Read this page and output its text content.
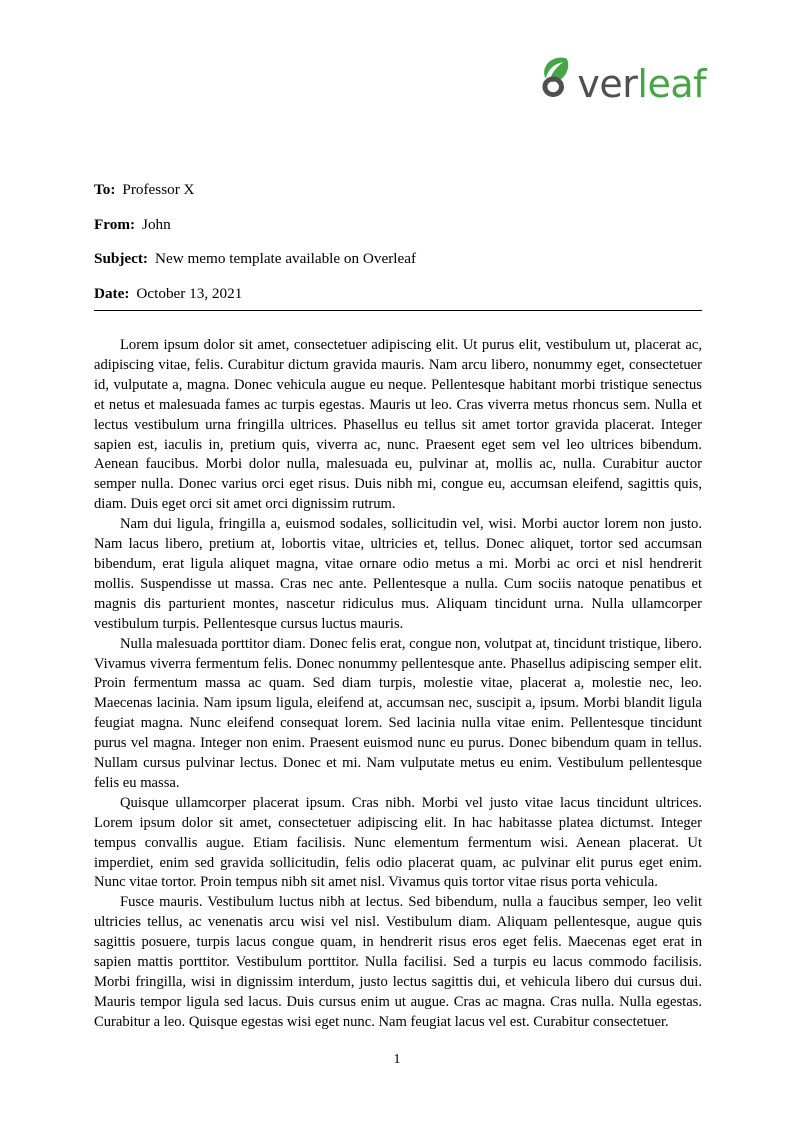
ver leaf
To: Professor X
From: John
Subject: New memo template available on Overleaf
Date: October 13, 2021

Lorem ipsum dolor sit amet, consectetuer adipiscing elit. Ut purus elit, vestibulum ut, placerat ac, adipiscing vitae, felis. Curabitur dictum gravida mauris. Nam arcu libero, nonummy eget, consectetuer id, vulputate a, magna. Donec vehicula augue eu neque. Pellentesque habitant morbi tristique senectus et netus et malesuada fames ac turpis egestas. Mauris ut leo. Cras viverra metus rhoncus sem. Nulla et lectus vestibulum urna fringilla ultrices. Phasellus eu tellus sit amet tortor gravida placerat. Integer sapien est, iaculis in, pretium quis, viverra ac, nunc. Praesent eget sem vel leo ultrices bibendum. Aenean faucibus. Morbi dolor nulla, malesuada eu, pulvinar at, mollis ac, nulla. Curabitur auctor semper nulla. Donec varius orci eget risus. Duis nibh mi, congue eu, accumsan eleifend, sagittis quis, diam. Duis eget orci sit amet orci dignissim rutrum.

Nam dui ligula, fringilla a, euismod sodales, sollicitudin vel, wisi. Morbi auctor lorem non justo. Nam lacus libero, pretium at, lobortis vitae, ultricies et, tellus. Donec aliquet, tortor sed accumsan bibendum, erat ligula aliquet magna, vitae ornare odio metus a mi. Morbi ac orci et nisl hendrerit mollis. Suspendisse ut massa. Cras nec ante. Pellentesque a nulla. Cum sociis natoque penatibus et magnis dis parturient montes, nascetur ridiculus mus. Aliquam tincidunt urna. Nulla ullamcorper vestibulum turpis. Pellentesque cursus luctus mauris.

Nulla malesuada porttitor diam. Donec felis erat, congue non, volutpat at, tincidunt tristique, libero. Vivamus viverra fermentum felis. Donec nonummy pellentesque ante. Phasellus adipiscing semper elit. Proin fermentum massa ac quam. Sed diam turpis, molestie vitae, placerat a, molestie nec, leo. Maecenas lacinia. Nam ipsum ligula, eleifend at, accumsan nec, suscipit a, ipsum. Morbi blandit ligula feugiat magna. Nunc eleifend consequat lorem. Sed lacinia nulla vitae enim. Pellentesque tincidunt purus vel magna. Integer non enim. Praesent euismod nunc eu purus. Donec bibendum quam in tellus. Nullam cursus pulvinar lectus. Donec et mi. Nam vulputate metus eu enim. Vestibulum pellentesque felis eu massa.

Quisque ullamcorper placerat ipsum. Cras nibh. Morbi vel justo vitae lacus tincidunt ultrices. Lorem ipsum dolor sit amet, consectetuer adipiscing elit. In hac habitasse platea dictumst. Integer tempus convallis augue. Etiam facilisis. Nunc elementum fermentum wisi. Aenean placerat. Ut imperdiet, enim sed gravida sollicitudin, felis odio placerat quam, ac pulvinar elit purus eget enim. Nunc vitae tortor. Proin tempus nibh sit amet nisl. Vivamus quis tortor vitae risus porta vehicula.

Fusce mauris. Vestibulum luctus nibh at lectus. Sed bibendum, nulla a faucibus semper, leo velit ultricies tellus, ac venenatis arcu wisi vel nisl. Vestibulum diam. Aliquam pellentesque, augue quis sagittis posuere, turpis lacus congue quam, in hendrerit risus eros eget felis. Maecenas eget erat in sapien mattis porttitor. Vestibulum porttitor. Nulla facilisi. Sed a turpis eu lacus commodo facilisis. Morbi fringilla, wisi in dignissim interdum, justo lectus sagittis dui, et vehicula libero dui cursus dui. Mauris tempor ligula sed lacus. Duis cursus enim ut augue. Cras ac magna. Cras nulla. Nulla egestas. Curabitur a leo. Quisque egestas wisi eget nunc. Nam feugiat lacus vel est. Curabitur consectetuer.

1
